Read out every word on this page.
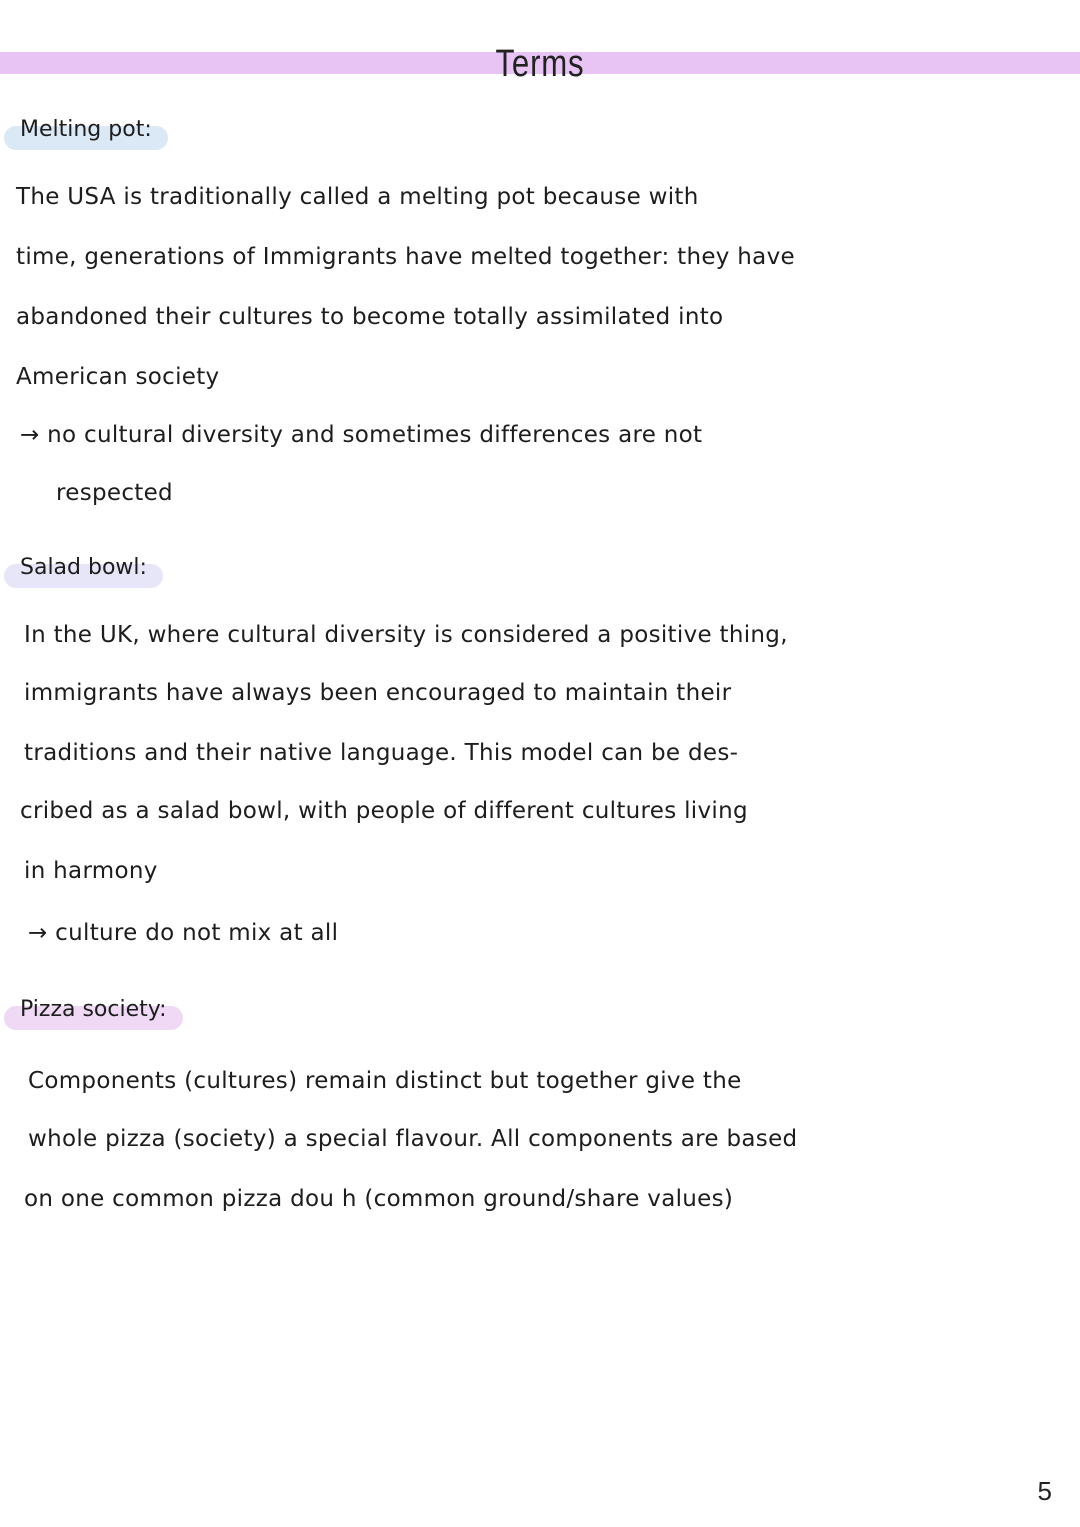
Terms
Melting pot:
The USA is traditionally called a melting pot because with
time, generations of Immigrants have melted together: they have
abandoned their cultures to become totally assimilated into
American society
→ no cultural diversity and sometimes differences are not
respected
Salad bowl:
In the UK, where cultural diversity is considered a positive thing,
immigrants have always been encouraged to maintain their
traditions and their native language. This model can be des-
cribed as a salad bowl, with people of different cultures living
in harmony
→ culture do not mix at all
Pizza society:
Components (cultures) remain distinct but together give the
whole pizza (society) a special flavour. All components are based
on one common pizza dou h (common ground/share values)
5
